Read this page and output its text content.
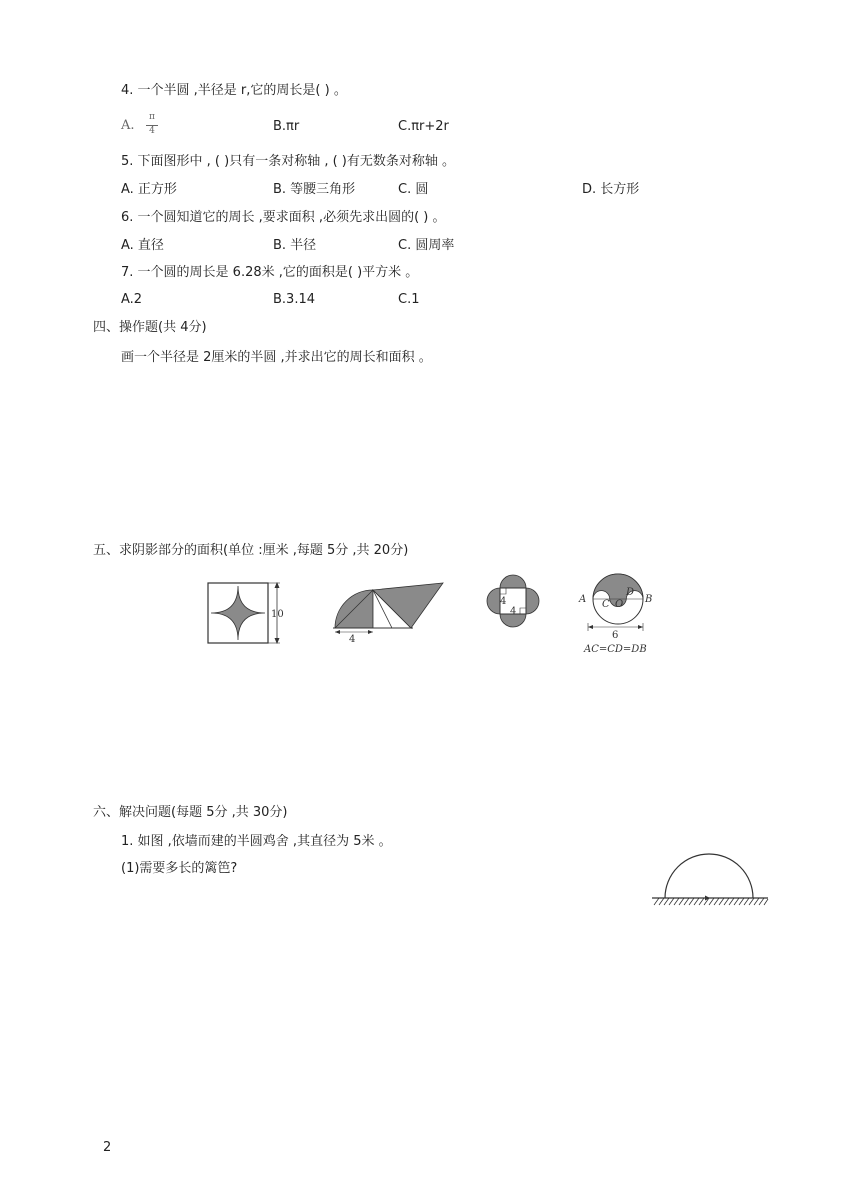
4. 一个半圆 ,半径是 r,它的周长是( ) 。
A.
π
4	B.πr	C.πr+2r
5. 下面图形中 , ( )只有一条对称轴 , ( )有无数条对称轴 。
A. 正方形	B. 等腰三角形	C. 圆	D. 长方形
6. 一个圆知道它的周长 ,要求面积 ,必须先求出圆的( ) 。
A. 直径	B. 半径	C. 圆周率
7. 一个圆的周长是 6.28米 ,它的面积是( )平方米 。
A.2	B.3.14	C.1
四、操作题(共 4分)
画一个半径是 2厘米的半圆 ,并求出它的周长和面积 。
五、求阴影部分的面积(单位 :厘米 ,每题 5分 ,共 20分)
10
4
4
4
A	B
C
D
O
6
AC=CD=DB
六、解决问题(每题 5分 ,共 30分)
1. 如图 ,依墙而建的半圆鸡舍 ,其直径为 5米 。
(1)需要多长的篱笆?
2
